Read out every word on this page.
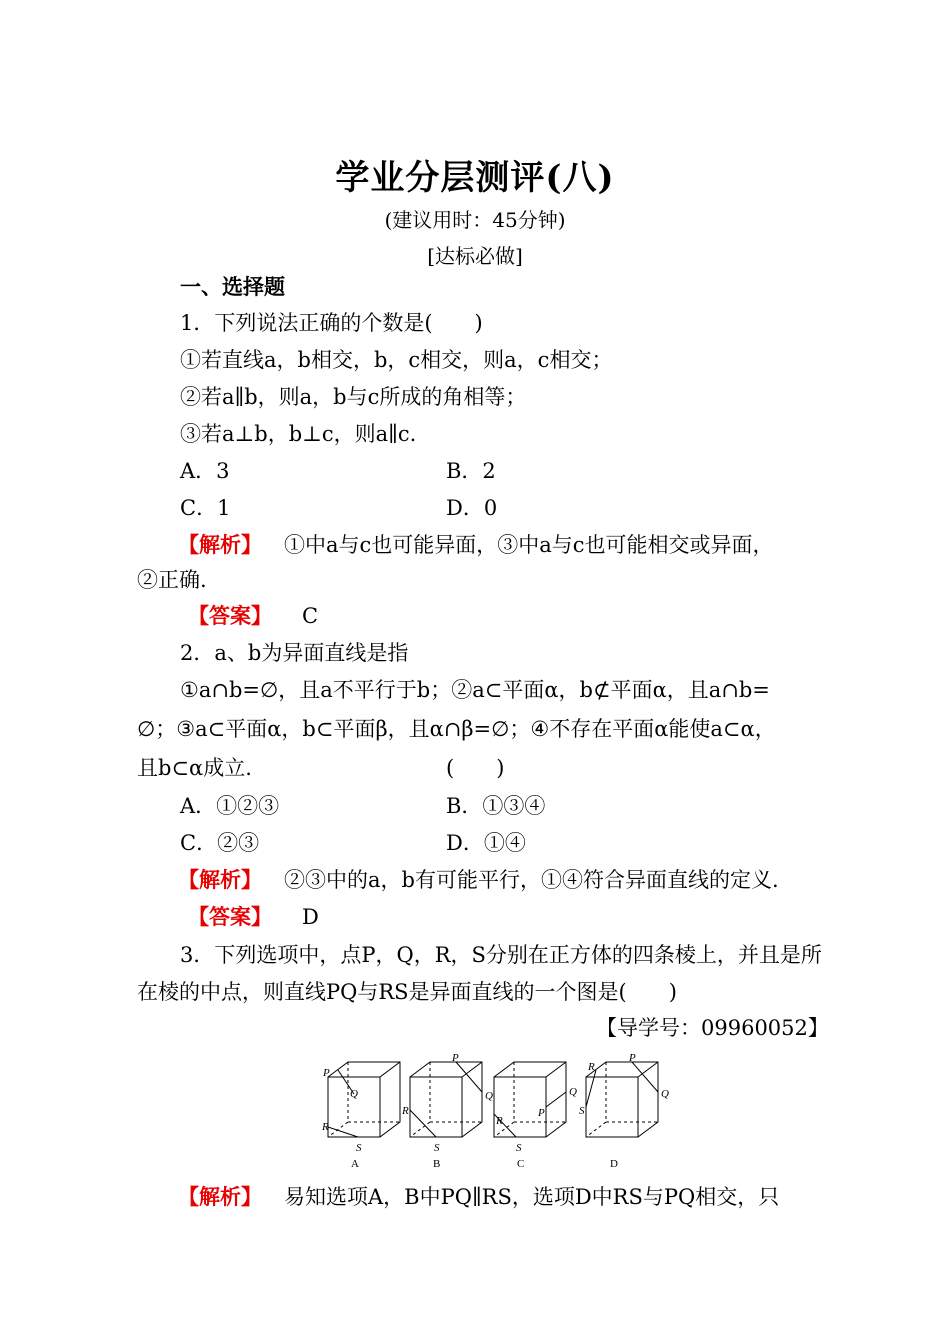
学业分层测评(八)
(建议用时：45分钟)
[达标必做]
一、选择题
1．下列说法正确的个数是(　　)
①若直线a，b相交，b，c相交，则a，c相交；
②若a∥b，则a，b与c所成的角相等；
③若a⊥b，b⊥c，则a∥c.
A．3	B．2
C．1	D．0
【解析】 ①中a与c也可能异面，③中a与c也可能相交或异面，
②正确.
【答案】 C
2．a、b为异面直线是指
①a∩b=∅，且a不平行于b；②a⊂平面α，b⊄平面α，且a∩b=
∅；③a⊂平面α，b⊂平面β，且α∩β=∅；④不存在平面α能使a⊂α，
且b⊂α成立.	(　　)
A．①②③	B．①③④
C．②③	D．①④
【解析】 ②③中的a，b有可能平行，①④符合异面直线的定义.
【答案】 D
3．下列选项中，点P，Q，R，S分别在正方体的四条棱上，并且是所
在棱的中点，则直线PQ与RS是异面直线的一个图是(　　)
【导学号：09960052】
P
Q
R
S
P
Q
R
S
P
Q
R
S
P
Q
R
S
A	B	C	D
【解析】 易知选项A，B中PQ∥RS，选项D中RS与PQ相交，只
